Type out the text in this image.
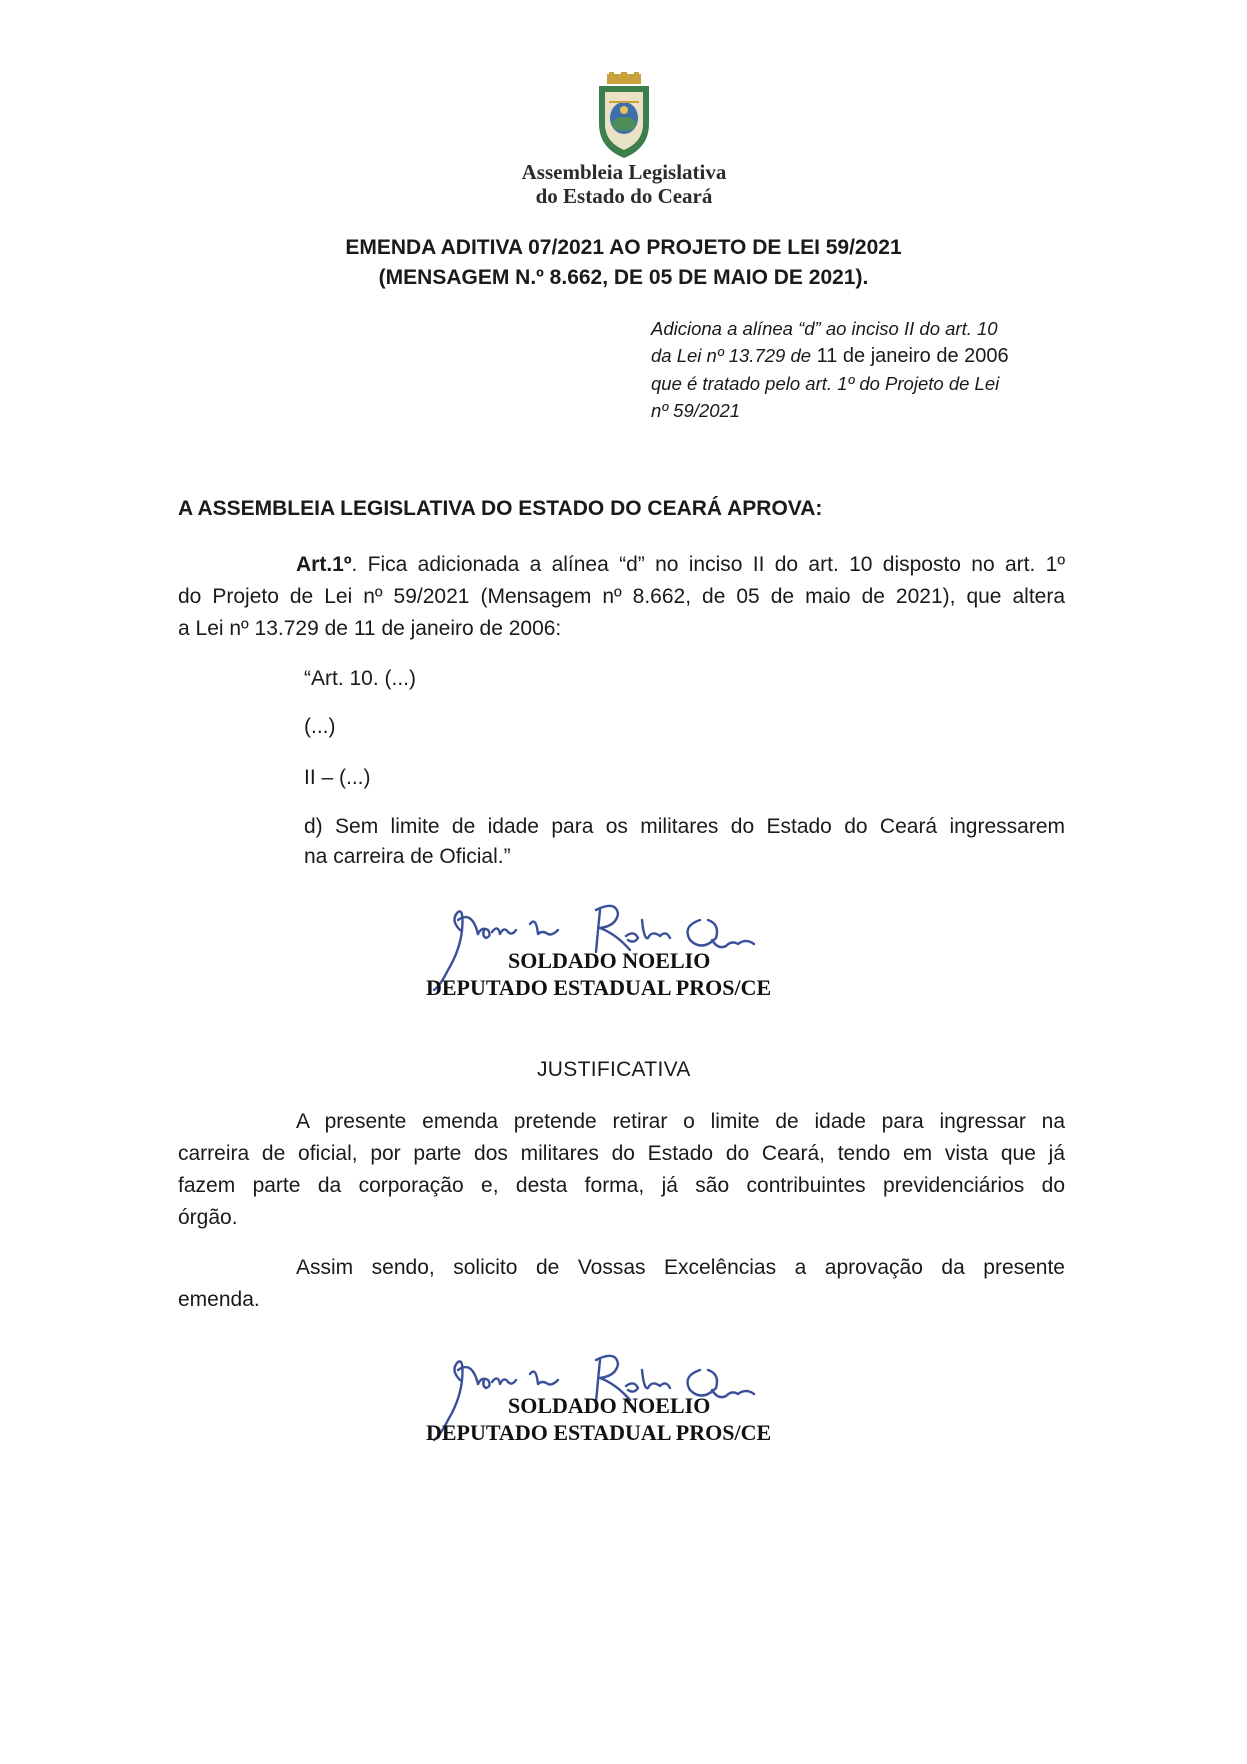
Assembleia Legislativa
do Estado do Ceará
EMENDA ADITIVA 07/2021 AO PROJETO DE LEI 59/2021
(MENSAGEM N.º 8.662, DE 05 DE MAIO DE 2021).
Adiciona a alínea “d” ao inciso II do art. 10
da Lei nº 13.729 de 11 de janeiro de 2006
que é tratado pelo art. 1º do Projeto de Lei
nº 59/2021
A ASSEMBLEIA LEGISLATIVA DO ESTADO DO CEARÁ APROVA:
Art.1º. Fica adicionada a alínea “d” no inciso II do art. 10 disposto no art. 1º
do Projeto de Lei nº 59/2021 (Mensagem nº 8.662, de 05 de maio de 2021), que altera
a Lei nº 13.729 de 11 de janeiro de 2006:
“Art. 10. (...)
(...)
II – (...)
d) Sem limite de idade para os militares do Estado do Ceará ingressarem
na carreira de Oficial.”
SOLDADO NOELIO
DEPUTADO ESTADUAL PROS/CE
JUSTIFICATIVA
A presente emenda pretende retirar o limite de idade para ingressar na
carreira de oficial, por parte dos militares do Estado do Ceará, tendo em vista que já
fazem parte da corporação e, desta forma, já são contribuintes previdenciários do
órgão.
Assim sendo, solicito de Vossas Excelências a aprovação da presente
emenda.
SOLDADO NOELIO
DEPUTADO ESTADUAL PROS/CE
